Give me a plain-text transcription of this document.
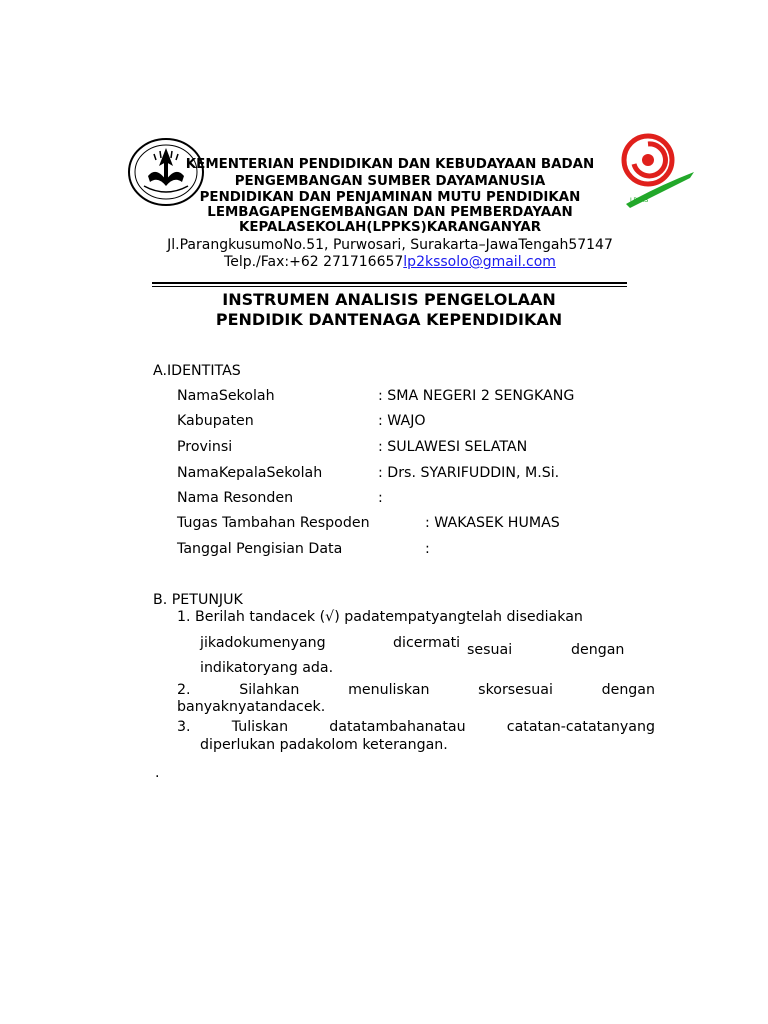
LPPKS
KEMENTERIAN PENDIDIKAN DAN KEBUDAYAAN BADAN
PENGEMBANGAN SUMBER DAYAMANUSIA
PENDIDIKAN DAN PENJAMINAN MUTU PENDIDIKAN
LEMBAGAPENGEMBANGAN DAN PEMBERDAYAAN
KEPALASEKOLAH(LPPKS)KARANGANYAR
Jl.ParangkusumoNo.51, Purwosari, Surakarta–JawaTengah57147
Telp./Fax:+62 271716657lp2kssolo@gmail.com
INSTRUMEN ANALISIS PENGELOLAAN
PENDIDIK DANTENAGA KEPENDIDIKAN
A.IDENTITAS
NamaSekolah	: SMA NEGERI 2 SENGKANG
Kabupaten	: WAJO
Provinsi	: SULAWESI SELATAN
NamaKepalaSekolah	: Drs. SYARIFUDDIN, M.Si.
Nama Resonden	:
Tugas Tambahan Respoden	: WAKASEK HUMAS
Tanggal Pengisian Data	:
B. PETUNJUK
1. Berilah tandacek (√) padatempatyangtelah disediakan
jikadokumenyang	dicermati sesuai	dengan
indikatoryang ada.
2.	Silahkan	menuliskan	skorsesuai	dengan
banyaknyatandacek.
3.	Tuliskan	datatambahanatau	catatan-catatanyang
diperlukan padakolom keterangan.
.
